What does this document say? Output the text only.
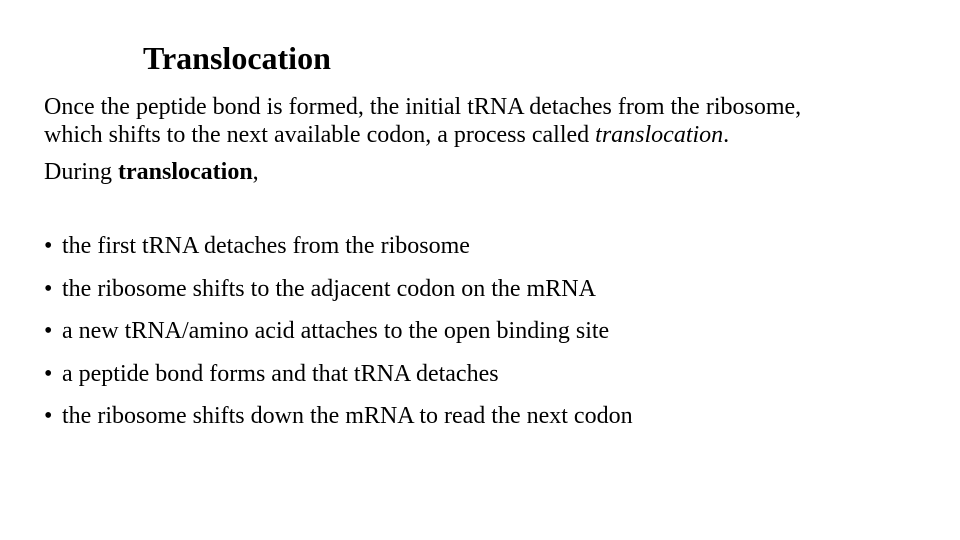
Translocation

Once the peptide bond is formed, the initial tRNA detaches from the ribosome, which shifts to the next available codon, a process called translocation.

During translocation,

• the first tRNA detaches from the ribosome
• the ribosome shifts to the adjacent codon on the mRNA
• a new tRNA/amino acid attaches to the open binding site
• a peptide bond forms and that tRNA detaches
• the ribosome shifts down the mRNA to read the next codon
